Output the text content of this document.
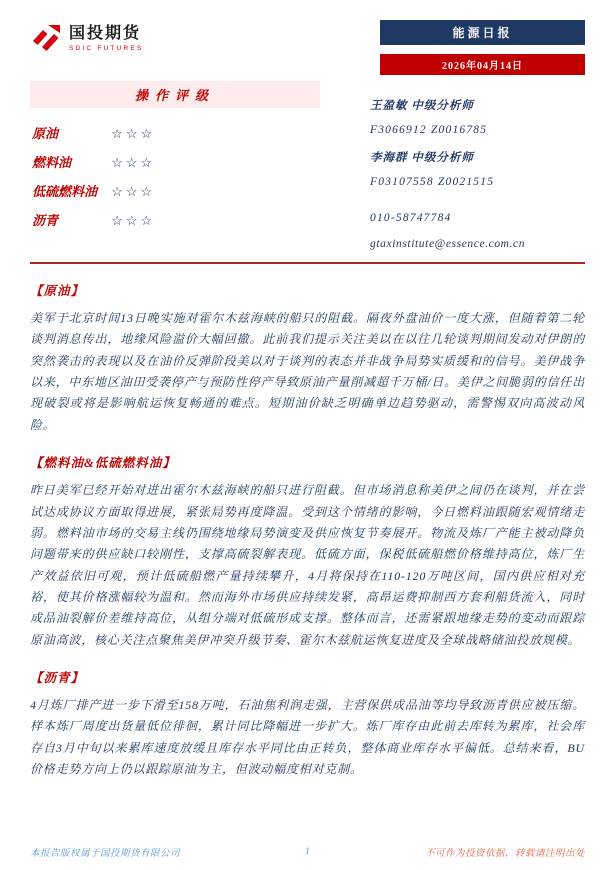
国投期货
SDIC FUTURES
能源日报
2026年04月14日
操作评级
原油	☆☆☆
燃料油	☆☆☆
低硫燃料油 ☆☆☆
沥青	☆☆☆
王盈敏 中级分析师
F3066912 Z0016785
李海群 中级分析师
F03107558 Z0021515
010-58747784
gtaxinstitute@essence.com.cn
【原油】
美军于北京时间13日晚实施对霍尔木兹海峡的船只的阻截。隔夜外盘油价一度大涨，但随着第二轮谈判消息传出，地缘风险溢价大幅回撤。此前我们提示关注美以在以往几轮谈判期间发动对伊朗的突然袭击的表现以及在油价反弹阶段美以对于谈判的表态并非战争局势实质缓和的信号。美伊战争以来，中东地区油田受袭停产与预防性停产导致原油产量削减超千万桶/日。美伊之间脆弱的信任出现破裂或将是影响航运恢复畅通的难点。短期油价缺乏明确单边趋势驱动，需警惕双向高波动风险。
【燃料油&低硫燃料油】
昨日美军已经开始对进出霍尔木兹海峡的船只进行阻截。但市场消息称美伊之间仍在谈判，并在尝试达成协议方面取得进展，紧张局势再度降温。受到这个情绪的影响，今日燃料油跟随宏观情绪走弱。燃料油市场的交易主线仍围绕地缘局势演变及供应恢复节奏展开。物流及炼厂产能主被动降负问题带来的供应缺口较刚性，支撑高硫裂解表现。低硫方面，保税低硫船燃价格维持高位，炼厂生产效益依旧可观，预计低硫船燃产量持续攀升，4月将保持在110-120万吨区间，国内供应相对充裕，使其价格涨幅较为温和。然而海外市场供应持续发紧，高昂运费抑制西方套利船货流入，同时成品油裂解价差维持高位，从组分端对低硫形成支撑。整体而言，还需紧跟地缘走势的变动而跟踪原油高波，核心关注点聚焦美伊冲突升级节奏、霍尔木兹航运恢复进度及全球战略储油投放规模。
【沥青】
4月炼厂排产进一步下滑至158万吨，石油焦利润走强，主营保供成品油等均导致沥青供应被压缩。样本炼厂周度出货量低位徘徊，累计同比降幅进一步扩大。炼厂库存由此前去库转为累库，社会库存自3月中旬以来累库速度放缓且库存水平同比由正转负，整体商业库存水平偏低。总结来看，BU价格走势方向上仍以跟踪原油为主，但波动幅度相对克制。
本报告版权属于国投期货有限公司	1	不可作为投资依据，转载请注明出处
